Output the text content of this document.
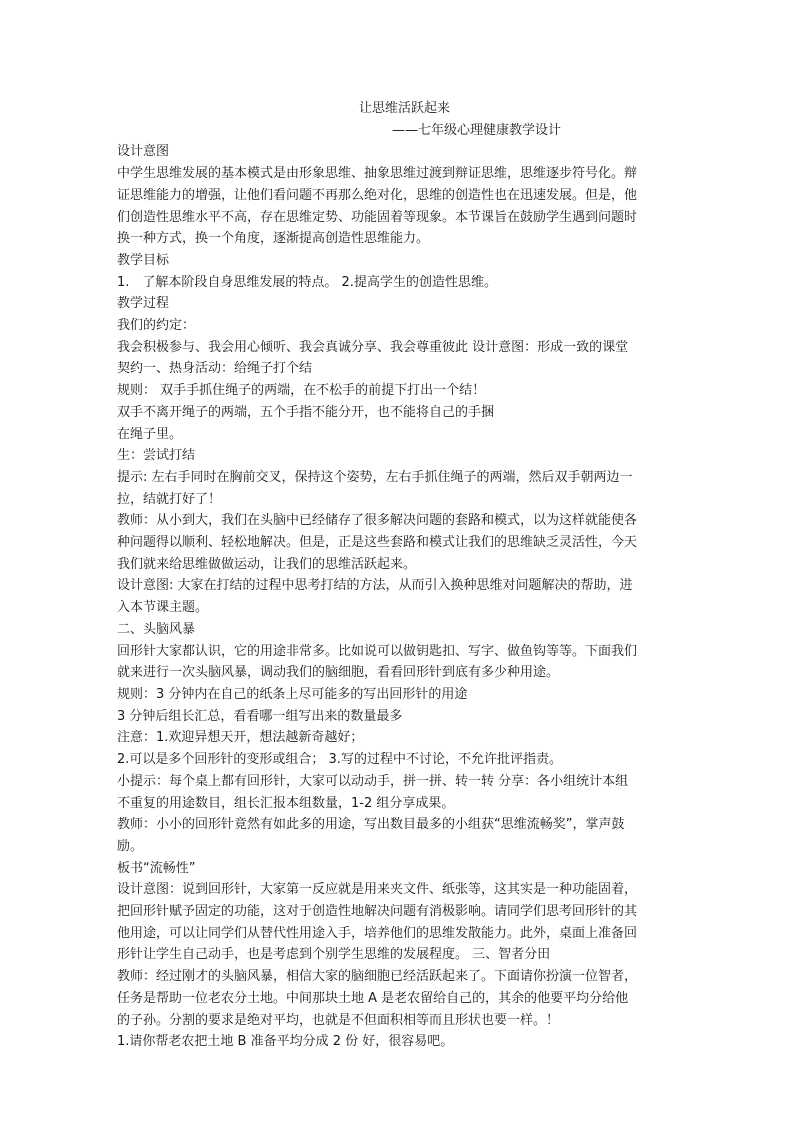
让思维活跃起来

——七年级心理健康教学设计

设计意图

中学生思维发展的基本模式是由形象思维、抽象思维过渡到辩证思维，思维逐步符号化。辩

证思维能力的增强，让他们看问题不再那么绝对化，思维的创造性也在迅速发展。但是，他

们创造性思维水平不高，存在思维定势、功能固着等现象。本节课旨在鼓励学生遇到问题时

换一种方式，换一个角度，逐渐提高创造性思维能力。

教学目标

1.　了解本阶段自身思维发展的特点。 2.提高学生的创造性思维。

教学过程

我们的约定：

我会积极参与、我会用心倾听、我会真诚分享、我会尊重彼此 设计意图：形成一致的课堂

契约一、热身活动：给绳子打个结

规则： 双手手抓住绳子的两端，在不松手的前提下打出一个结！

双手不离开绳子的两端，五个手指不能分开，也不能将自己的手捆

在绳子里。

生：尝试打结

提示: 左右手同时在胸前交叉，保持这个姿势，左右手抓住绳子的两端，然后双手朝两边一

拉，结就打好了！

教师：从小到大，我们在头脑中已经储存了很多解决问题的套路和模式，以为这样就能使各

种问题得以顺利、轻松地解决。但是，正是这些套路和模式让我们的思维缺乏灵活性，今天

我们就来给思维做做运动，让我们的思维活跃起来。

设计意图: 大家在打结的过程中思考打结的方法，从而引入换种思维对问题解决的帮助，进

入本节课主题。

二、头脑风暴

回形针大家都认识，它的用途非常多。比如说可以做钥匙扣、写字、做鱼钩等等。下面我们

就来进行一次头脑风暴，调动我们的脑细胞，看看回形针到底有多少种用途。

规则：3 分钟内在自己的纸条上尽可能多的写出回形针的用途

3 分钟后组长汇总，看看哪一组写出来的数量最多

注意：1.欢迎异想天开，想法越新奇越好；

2.可以是多个回形针的变形或组合； 3.写的过程中不讨论，不允许批评指责。

小提示：每个桌上都有回形针，大家可以动动手，拼一拼、转一转 分享：各小组统计本组

不重复的用途数目，组长汇报本组数量，1-2 组分享成果。

教师：小小的回形针竟然有如此多的用途，写出数目最多的小组获“思维流畅奖”，掌声鼓

励。

板书“流畅性”

设计意图：说到回形针，大家第一反应就是用来夹文件、纸张等，这其实是一种功能固着，

把回形针赋予固定的功能，这对于创造性地解决问题有消极影响。请同学们思考回形针的其

他用途，可以让同学们从替代性用途入手，培养他们的思维发散能力。此外，桌面上准备回

形针让学生自己动手，也是考虑到个别学生思维的发展程度。 三、智者分田

教师：经过刚才的头脑风暴，相信大家的脑细胞已经活跃起来了。下面请你扮演一位智者，

任务是帮助一位老农分土地。中间那块土地 A 是老农留给自己的，其余的他要平均分给他

的子孙。分割的要求是绝对平均，也就是不但面积相等而且形状也要一样。！

1.请你帮老农把土地 B 准备平均分成 2 份 好，很容易吧。
